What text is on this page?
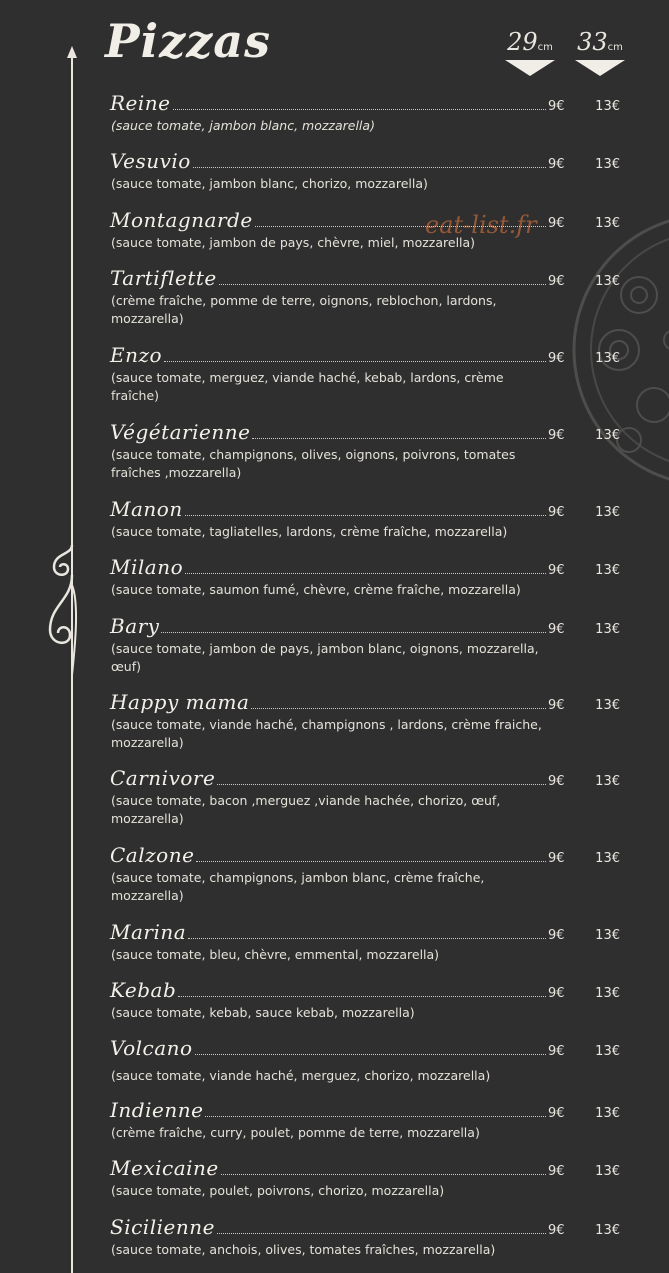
Pizzas	29cm 33cm
eat-list.fr
Reine	9€	13€
(sauce tomate, jambon blanc, mozzarella)
Vesuvio	9€	13€
(sauce tomate, jambon blanc, chorizo, mozzarella)
Montagnarde	9€	13€
(sauce tomate, jambon de pays, chèvre, miel, mozzarella)
Tartiflette	9€	13€
(crème fraîche, pomme de terre, oignons, reblochon, lardons, mozzarella)
Enzo	9€	13€
(sauce tomate, merguez, viande haché, kebab, lardons, crème fraîche)
Végétarienne	9€	13€
(sauce tomate, champignons, olives, oignons, poivrons, tomates fraîches ,mozzarella)
Manon	9€	13€
(sauce tomate, tagliatelles, lardons, crème fraîche, mozzarella)
Milano	9€	13€
(sauce tomate, saumon fumé, chèvre, crème fraîche, mozzarella)
Bary	9€	13€
(sauce tomate, jambon de pays, jambon blanc, oignons, mozzarella, œuf)
Happy mama	9€	13€
(sauce tomate, viande haché, champignons , lardons, crème fraiche, mozzarella)
Carnivore	9€	13€
(sauce tomate, bacon ,merguez ,viande hachée, chorizo, œuf, mozzarella)
Calzone	9€	13€
(sauce tomate, champignons, jambon blanc, crème fraîche, mozzarella)
Marina	9€	13€
(sauce tomate, bleu, chèvre, emmental, mozzarella)
Kebab	9€	13€
(sauce tomate, kebab, sauce kebab, mozzarella)
Volcano	9€	13€
(sauce tomate, viande haché, merguez, chorizo, mozzarella)
Indienne	9€	13€
(crème fraîche, curry, poulet, pomme de terre, mozzarella)
Mexicaine	9€	13€
(sauce tomate, poulet, poivrons, chorizo, mozzarella)
Sicilienne	9€	13€
(sauce tomate, anchois, olives, tomates fraîches, mozzarella)
